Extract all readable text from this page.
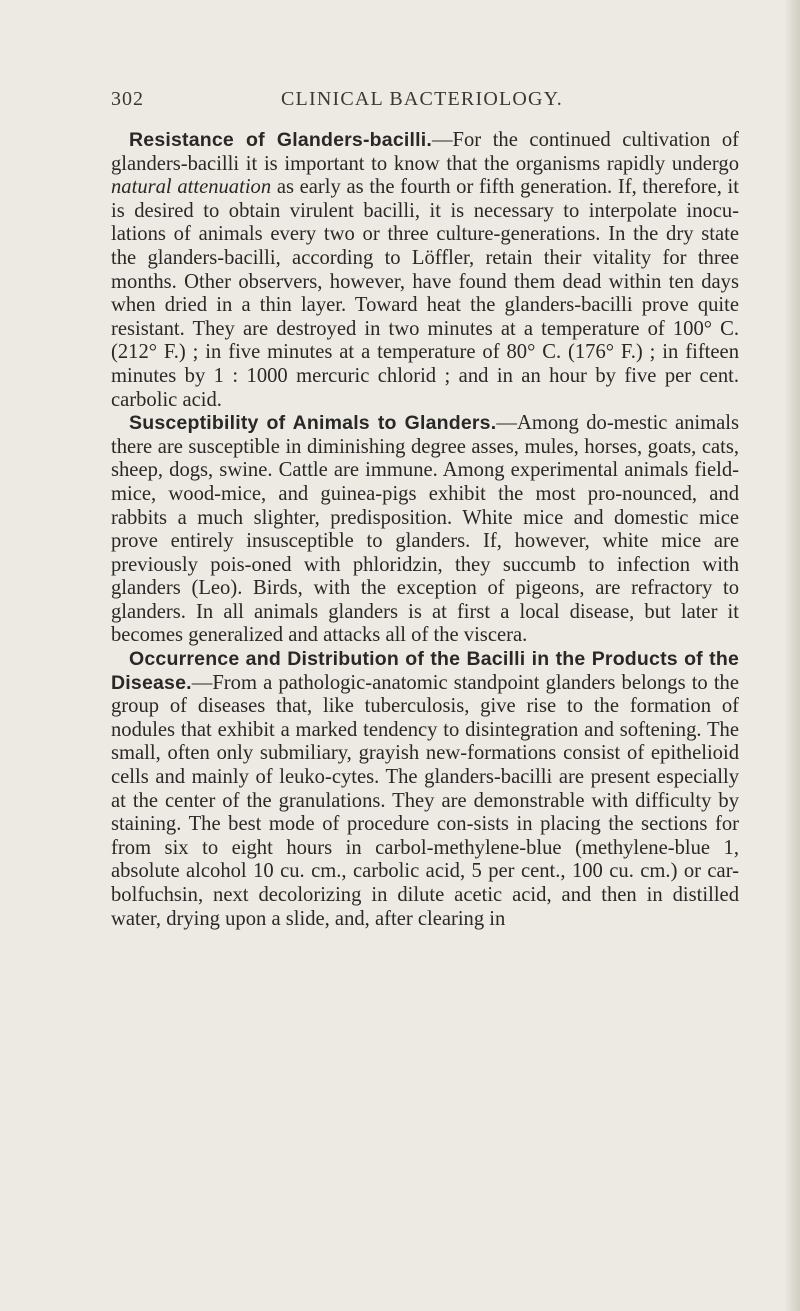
302	CLINICAL BACTERIOLOGY.

Resistance of Glanders-bacilli.—For the continued cultivation of glanders-bacilli it is important to know that the organisms rapidly undergo natural attenuation as early as the fourth or fifth generation. If, therefore, it is desired to obtain virulent bacilli, it is necessary to interpolate inocu-lations of animals every two or three culture-generations. In the dry state the glanders-bacilli, according to Löffler, retain their vitality for three months. Other observers, however, have found them dead within ten days when dried in a thin layer. Toward heat the glanders-bacilli prove quite resistant. They are destroyed in two minutes at a temperature of 100° C. (212° F.) ; in five minutes at a temperature of 80° C. (176° F.) ; in fifteen minutes by 1 : 1000 mercuric chlorid ; and in an hour by five per cent. carbolic acid.

Susceptibility of Animals to Glanders.—Among do-mestic animals there are susceptible in diminishing degree asses, mules, horses, goats, cats, sheep, dogs, swine. Cattle are immune. Among experimental animals field-mice, wood-mice, and guinea-pigs exhibit the most pro-nounced, and rabbits a much slighter, predisposition. White mice and domestic mice prove entirely insusceptible to glanders. If, however, white mice are previously pois-oned with phloridzin, they succumb to infection with glanders (Leo). Birds, with the exception of pigeons, are refractory to glanders. In all animals glanders is at first a local disease, but later it becomes generalized and attacks all of the viscera.

Occurrence and Distribution of the Bacilli in the Products of the Disease.—From a pathologic-anatomic standpoint glanders belongs to the group of diseases that, like tuberculosis, give rise to the formation of nodules that exhibit a marked tendency to disintegration and softening. The small, often only submiliary, grayish new-formations consist of epithelioid cells and mainly of leuko-cytes. The glanders-bacilli are present especially at the center of the granulations. They are demonstrable with difficulty by staining. The best mode of procedure con-sists in placing the sections for from six to eight hours in carbol-methylene-blue (methylene-blue 1, absolute alcohol 10 cu. cm., carbolic acid, 5 per cent., 100 cu. cm.) or car-bolfuchsin, next decolorizing in dilute acetic acid, and then in distilled water, drying upon a slide, and, after clearing in
